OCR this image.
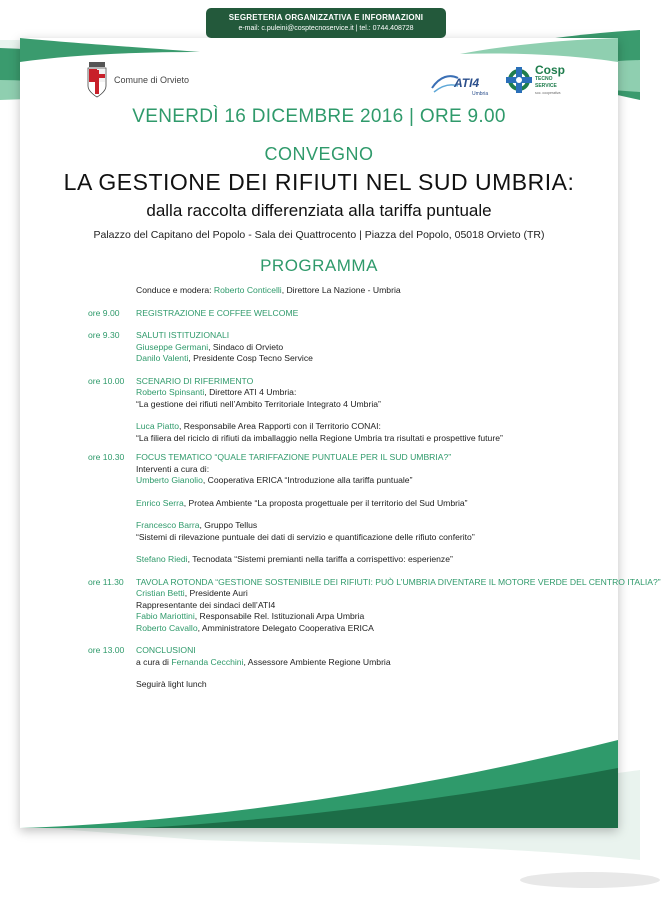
SEGRETERIA ORGANIZZATIVA E INFORMAZIONI
e-mail: c.puleini@cosptecnoservice.it | tel.: 0744.408728
Comune di Orvieto	ATI4
Umbria
Cosp
TECNO
SERVICE
soc. cooperativa
VENERDÌ 16 DICEMBRE 2016 | ORE 9.00
CONVEGNO
LA GESTIONE DEI RIFIUTI NEL SUD UMBRIA:
dalla raccolta differenziata alla tariffa puntuale
Palazzo del Capitano del Popolo - Sala dei Quattrocento | Piazza del Popolo, 05018 Orvieto (TR)
PROGRAMMA
Conduce e modera: Roberto Conticelli, Direttore La Nazione - Umbria
ore 9.00	REGISTRAZIONE E COFFEE WELCOME
ore 9.30	SALUTI ISTITUZIONALI
Giuseppe Germani, Sindaco di Orvieto
Danilo Valenti, Presidente Cosp Tecno Service
ore 10.00	SCENARIO DI RIFERIMENTO
Roberto Spinsanti, Direttore ATI 4 Umbria:
“La gestione dei rifiuti nell’Ambito Territoriale Integrato 4 Umbria”
Luca Piatto, Responsabile Area Rapporti con il Territorio CONAI:
“La filiera del riciclo di rifiuti da imballaggio nella Regione Umbria tra risultati e prospettive future”
ore 10.30	FOCUS TEMATICO “QUALE TARIFFAZIONE PUNTUALE PER IL SUD UMBRIA?”
Interventi a cura di:
Umberto Gianolio, Cooperativa ERICA “Introduzione alla tariffa puntuale”
Enrico Serra, Protea Ambiente “La proposta progettuale per il territorio del Sud Umbria”
Francesco Barra, Gruppo Tellus
“Sistemi di rilevazione puntuale dei dati di servizio e quantificazione delle rifiuto conferito”
Stefano Riedi, Tecnodata “Sistemi premianti nella tariffa a corrispettivo: esperienze”
ore 11.30	TAVOLA ROTONDA “GESTIONE SOSTENIBILE DEI RIFIUTI: PUÒ L’UMBRIA DIVENTARE IL MOTORE VERDE DEL CENTRO ITALIA?”
Cristian Betti, Presidente Auri
Rappresentante dei sindaci dell’ATI4
Fabio Mariottini, Responsabile Rel. Istituzionali Arpa Umbria
Roberto Cavallo, Amministratore Delegato Cooperativa ERICA
ore 13.00	CONCLUSIONI
a cura di Fernanda Cecchini, Assessore Ambiente Regione Umbria
Seguirà light lunch
